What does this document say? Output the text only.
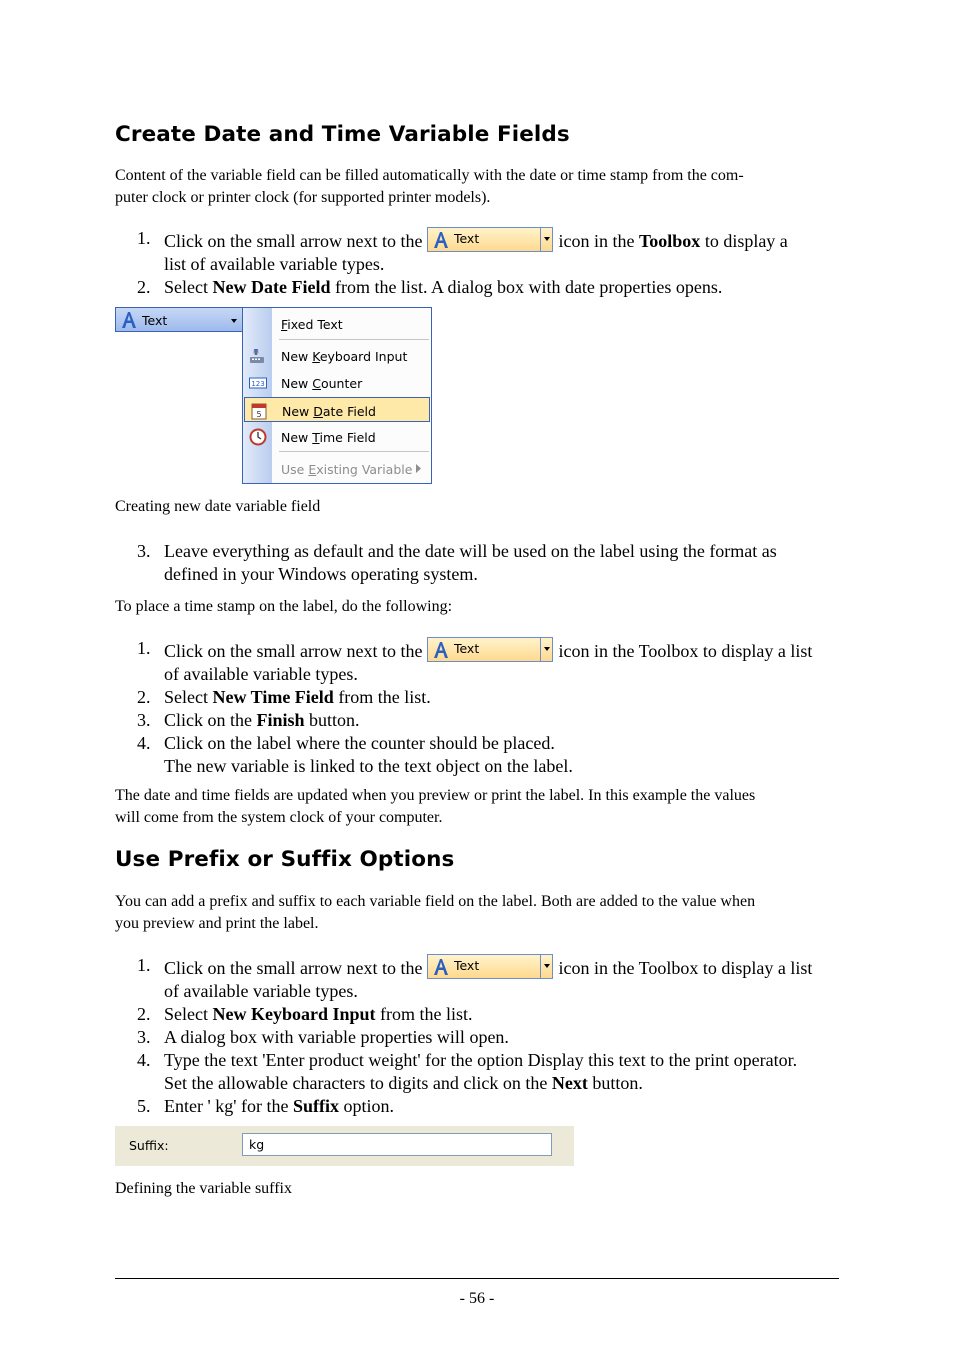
Create Date and Time Variable Fields
Content of the variable field can be filled automatically with the date or time stamp from the com-
puter clock or printer clock (for supported printer models).
1. Click on the small arrow next to the	Text	icon in the Toolbox to display a
list of available variable types.
2. Select New Date Field from the list. A dialog box with date properties opens.
Text	Fixed Text
New Keyboard Input
123 New Counter
5 New Date Field
New Time Field
Use Existing Variable
Creating new date variable field
3. Leave everything as default and the date will be used on the label using the format as
defined in your Windows operating system.
To place a time stamp on the label, do the following:
1. Click on the small arrow next to the	Text	icon in the Toolbox to display a list
of available variable types.
2. Select New Time Field from the list.
3. Click on the Finish button.
4. Click on the label where the counter should be placed.
The new variable is linked to the text object on the label.
The date and time fields are updated when you preview or print the label. In this example the values
will come from the system clock of your computer.
Use Prefix or Suffix Options
You can add a prefix and suffix to each variable field on the label. Both are added to the value when
you preview and print the label.
1. Click on the small arrow next to the	Text	icon in the Toolbox to display a list
of available variable types.
2. Select New Keyboard Input from the list.
3. A dialog box with variable properties will open.
4. Type the text 'Enter product weight' for the option Display this text to the print operator.
Set the allowable characters to digits and click on the Next button.
5. Enter ' kg' for the Suffix option.
Suffix:	kg
Defining the variable suffix
- 56 -
